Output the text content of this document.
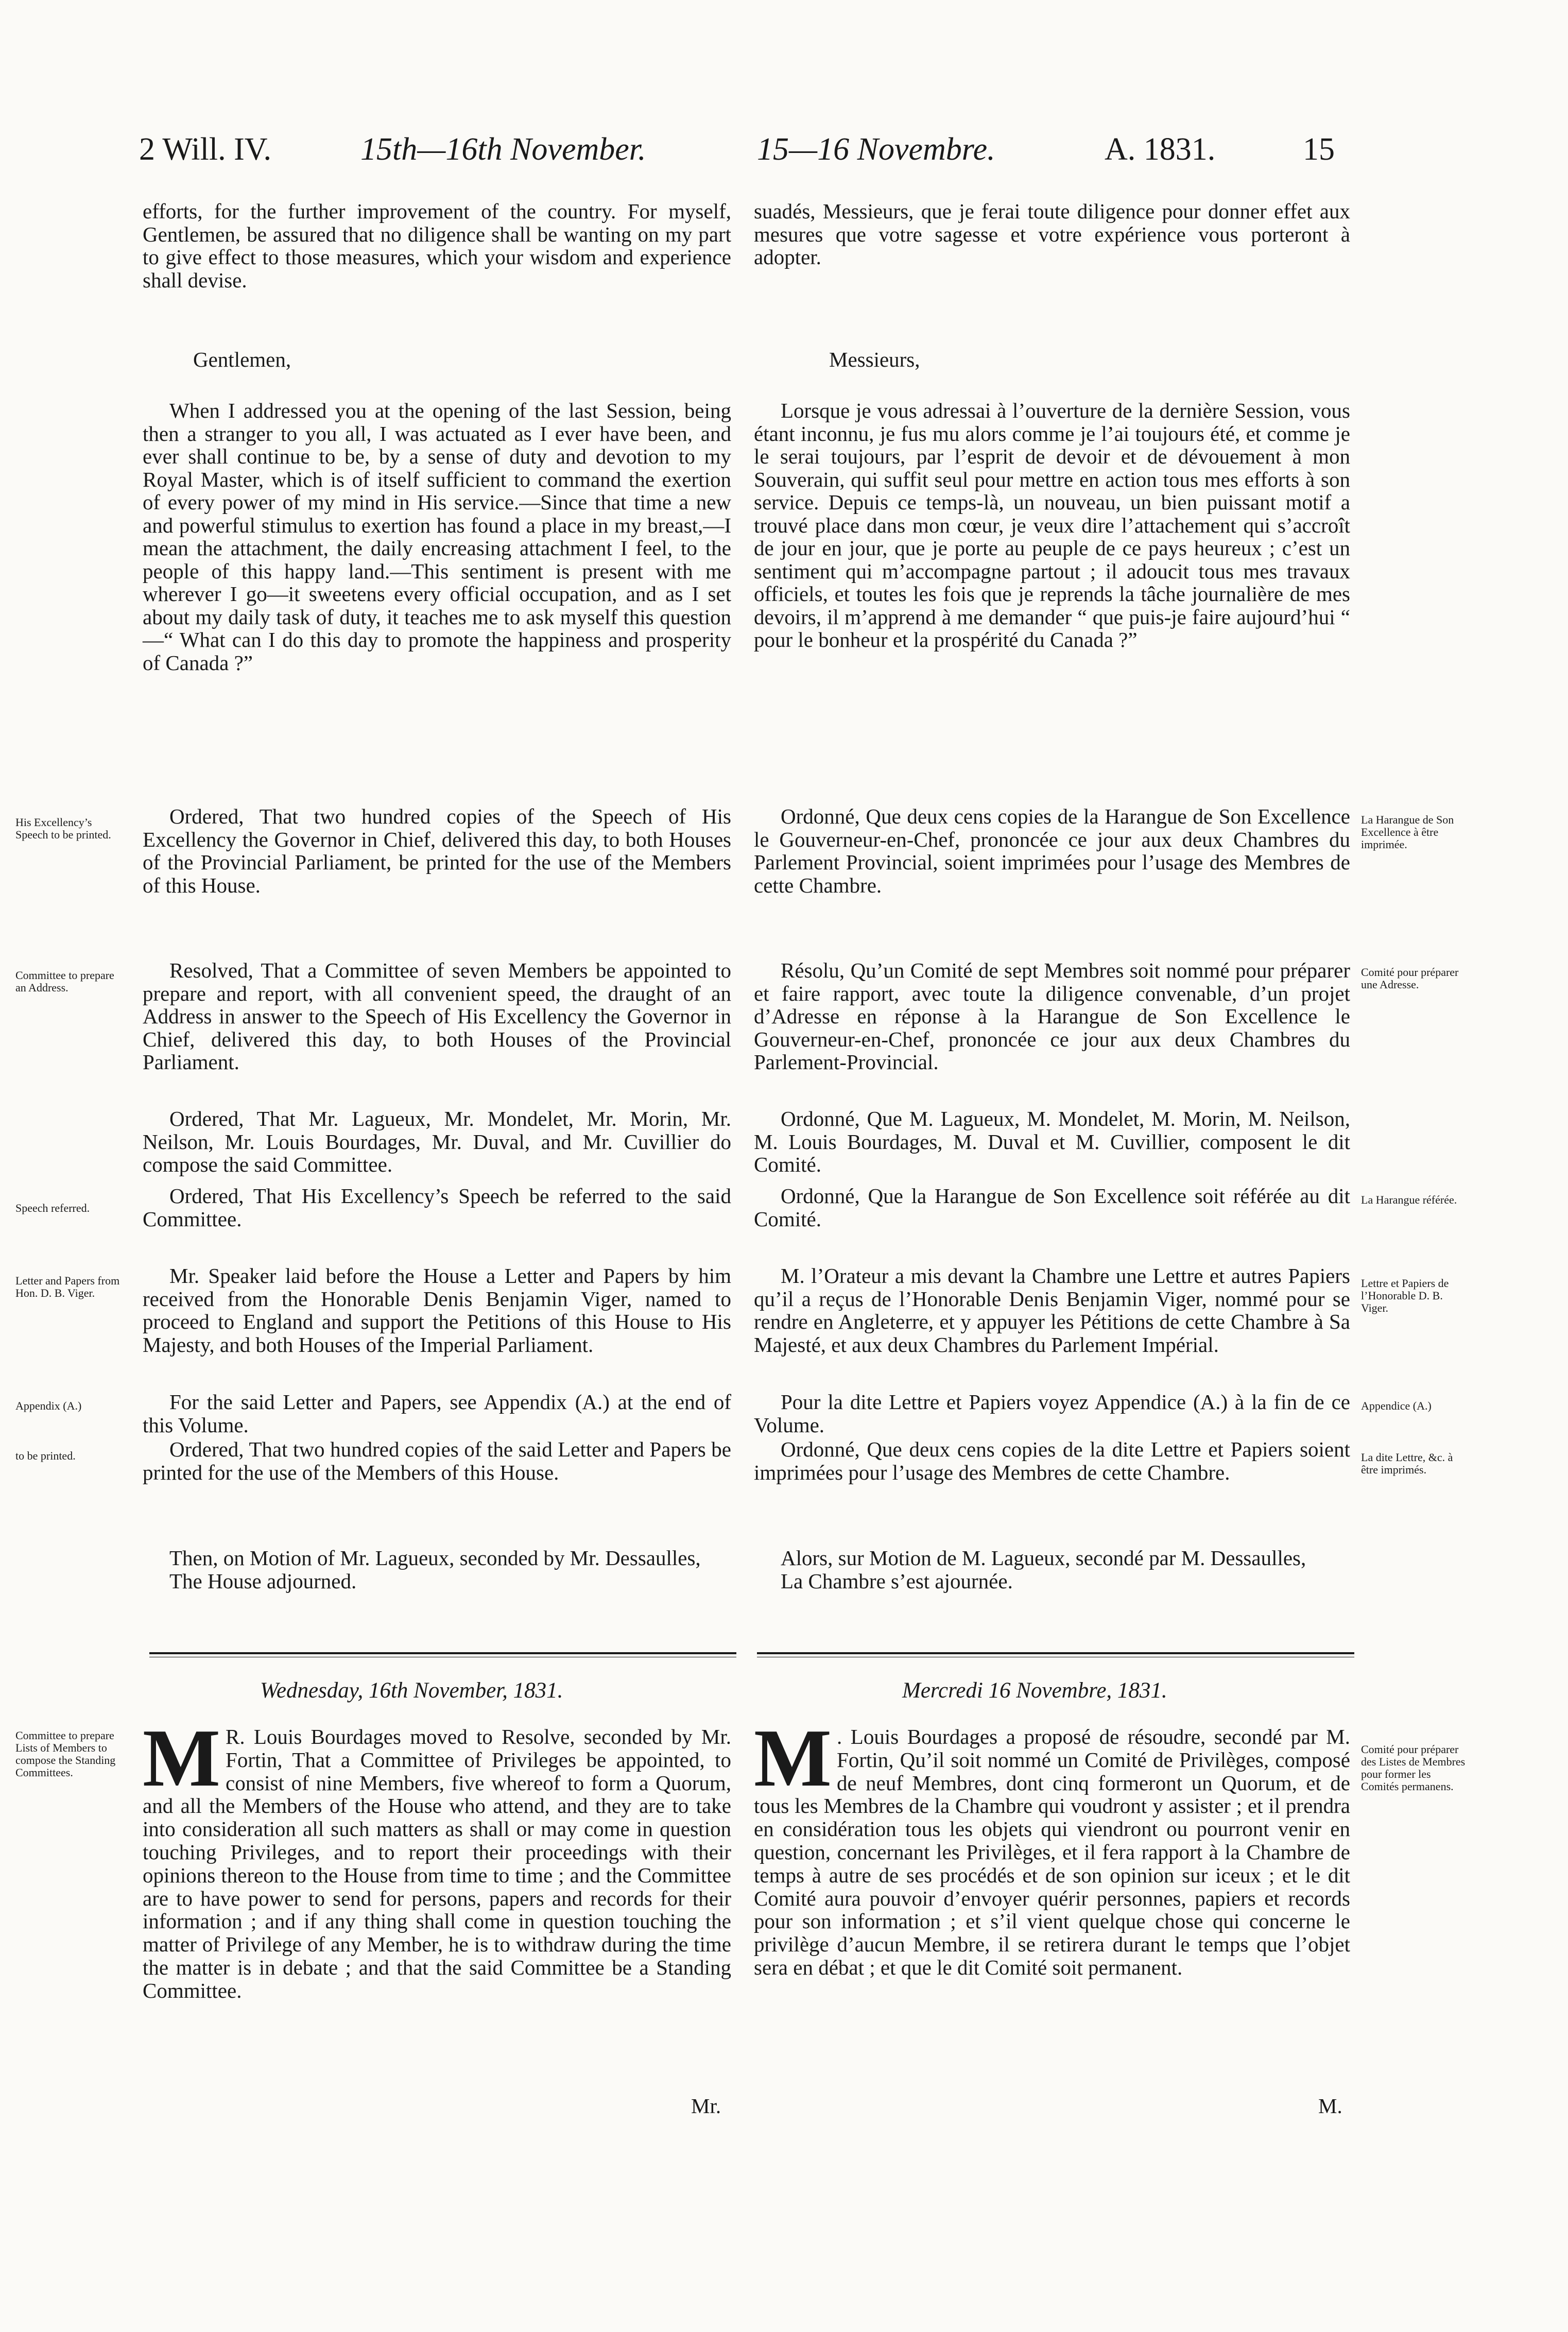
2 Will. IV.	15th—16th November.	15—16 Novembre.	A. 1831.	15

efforts, for the further improvement of the country. For myself, Gentlemen, be assured that no diligence shall be wanting on my part to give effect to those measures, which your wisdom and experience shall devise.

suadés, Messieurs, que je ferai toute diligence pour donner effet aux mesures que votre sagesse et votre expérience vous porteront à adopter.

Gentlemen,	Messieurs,

When I addressed you at the opening of the last Session, being then a stranger to you all, I was actuated as I ever have been, and ever shall continue to be, by a sense of duty and devotion to my Royal Master, which is of itself sufficient to command the exertion of every power of my mind in His service.—Since that time a new and powerful stimulus to exertion has found a place in my breast,—I mean the attachment, the daily encreasing attachment I feel, to the people of this happy land.—This sentiment is present with me wherever I go—it sweetens every official occupation, and as I set about my daily task of duty, it teaches me to ask myself this question—“ What can I do this day to promote the happiness and prosperity of Canada ?”

Lorsque je vous adressai à l’ouverture de la dernière Session, vous étant inconnu, je fus mu alors comme je l’ai toujours été, et comme je le serai toujours, par l’esprit de devoir et de dévouement à mon Souverain, qui suffit seul pour mettre en action tous mes efforts à son service. Depuis ce temps-là, un nouveau, un bien puissant motif a trouvé place dans mon cœur, je veux dire l’attachement qui s’accroît de jour en jour, que je porte au peuple de ce pays heureux ; c’est un sentiment qui m’accompagne partout ; il adoucit tous mes travaux officiels, et toutes les fois que je reprends la tâche journalière de mes devoirs, il m’apprend à me demander “ que puis-je faire aujourd’hui “ pour le bonheur et la prospérité du Canada ?”

His Excellency’s Speech to be printed.

Ordered, That two hundred copies of the Speech of His Excellency the Governor in Chief, delivered this day, to both Houses of the Provincial Parliament, be printed for the use of the Members of this House.

Ordonné, Que deux cens copies de la Harangue de Son Excellence le Gouverneur-en-Chef, prononcée ce jour aux deux Chambres du Parlement Provincial, soient imprimées pour l’usage des Membres de cette Chambre.

La Harangue de Son Excellence à être imprimée.
Committee to prepare an Address.

Resolved, That a Committee of seven Members be appointed to prepare and report, with all convenient speed, the draught of an Address in answer to the Speech of His Excellency the Governor in Chief, delivered this day, to both Houses of the Provincial Parliament.

Résolu, Qu’un Comité de sept Membres soit nommé pour préparer et faire rapport, avec toute la diligence convenable, d’un projet d’Adresse en réponse à la Harangue de Son Excellence le Gouverneur-en-Chef, prononcée ce jour aux deux Chambres du Parlement-Provincial.

Comité pour préparer une Adresse.

Ordered, That Mr. Lagueux, Mr. Mondelet, Mr. Morin, Mr. Neilson, Mr. Louis Bourdages, Mr. Duval, and Mr. Cuvillier do compose the said Committee.

Ordonné, Que M. Lagueux, M. Mondelet, M. Morin, M. Neilson, M. Louis Bourdages, M. Duval et M. Cuvillier, composent le dit Comité.

Speech referred.

Ordered, That His Excellency’s Speech be referred to the said Committee.

Ordonné, Que la Harangue de Son Excellence soit référée au dit Comité.

La Harangue référée.
Letter and Papers from Hon. D. B. Viger.

Mr. Speaker laid before the House a Letter and Papers by him received from the Honorable Denis Benjamin Viger, named to proceed to England and support the Petitions of this House to His Majesty, and both Houses of the Imperial Parliament.

M. l’Orateur a mis devant la Chambre une Lettre et autres Papiers qu’il a reçus de l’Honorable Denis Benjamin Viger, nommé pour se rendre en Angleterre, et y appuyer les Pétitions de cette Chambre à Sa Majesté, et aux deux Chambres du Parlement Impérial.

Lettre et Papiers de l’Honorable D. B. Viger.
Appendix (A.)	For the said Letter and Papers, see Appendix (A.) at the end of this Volume.

Pour la dite Lettre et Papiers voyez Appendice (A.) à la fin de ce Volume.

Appendice (A.)
to be printed.	Ordered, That two hundred copies of the said Letter and Papers be printed for the use of the Members of this House.

Ordonné, Que deux cens copies de la dite Lettre et Papiers soient imprimées pour l’usage des Membres de cette Chambre.

La dite Lettre, &c. à être imprimés.

Then, on Motion of Mr. Lagueux, seconded by Mr. Dessaulles,

The House adjourned.

Alors, sur Motion de M. Lagueux, secondé par M. Dessaulles,

La Chambre s’est ajournée.

Wednesday, 16th November, 1831.	Mercredi 16 Novembre, 1831.
Committee to prepare Lists of Members to compose the Standing Committees. M R. Louis Bourdages moved to Resolve, seconded by Mr. Fortin, That a Committee of Privileges be appointed, to consist of nine Members, five whereof to form a Quorum, and all the Members of the House who attend, and they are to take into consideration all such matters as shall or may come in question touching Privileges, and to report their proceedings with their opinions thereon to the House from time to time ; and the Committee are to have power to send for persons, papers and records for their information ; and if any thing shall come in question touching the matter of Privilege of any Member, he is to withdraw during the time the matter is in debate ; and that the said Committee be a Standing Committee.

M . Louis Bourdages a proposé de résoudre, secondé par M. Fortin, Qu’il soit nommé un Comité de Privilèges, composé de neuf Membres, dont cinq formeront un Quorum, et de tous les Membres de la Chambre qui voudront y assister ; et il prendra en considération tous les objets qui viendront ou pourront venir en question, concernant les Privilèges, et il fera rapport à la Chambre de temps à autre de ses procédés et de son opinion sur iceux ; et le dit Comité aura pouvoir d’envoyer quérir personnes, papiers et records pour son information ; et s’il vient quelque chose qui concerne le privilège d’aucun Membre, il se retirera durant le temps que l’objet sera en débat ; et que le dit Comité soit permanent.

Comité pour préparer des Listes de Membres pour former les Comités permanens.
Mr.	M.
